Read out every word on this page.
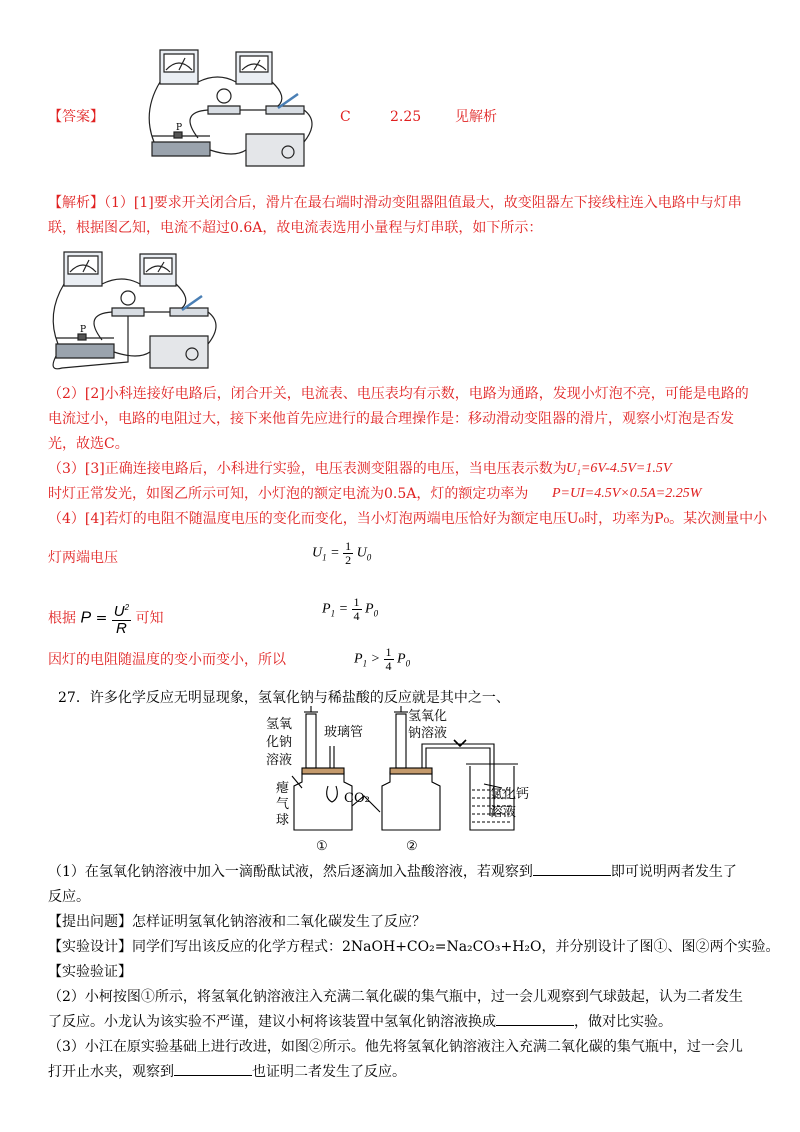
【答案】
P
C	2.25 见解析
【解析】（1）[1]要求开关闭合后，滑片在最右端时滑动变阻器阻值最大，故变阻器左下接线柱连入电路中与灯串
联，根据图乙知，电流不超过0.6A，故电流表选用小量程与灯串联，如下所示：
P
（2）[2]小科连接好电路后，闭合开关，电流表、电压表均有示数，电路为通路，发现小灯泡不亮，可能是电路的
电流过小，电路的电阻过大，接下来他首先应进行的最合理操作是：移动滑动变阻器的滑片，观察小灯泡是否发
光，故选C。
（3）[3]正确连接电路后，小科进行实验，电压表测变阻器的电压，当电压表示数为 U₁=6V-4.5V=1.5V
时灯正常发光，如图乙所示可知，小灯泡的额定电流为0.5A，灯的额定功率为 P=UI=4.5V×0.5A=2.25W
（4）[4]若灯的电阻不随温度电压的变化而变化，当小灯泡两端电压恰好为额定电压U₀时，功率为P₀。某次测量中小
灯两端电压	$U_1 = \frac{1}{2} U_0$
根据 $P = \frac{U^2}{R}$ 可知
$P_1 = \frac{1}{4} P_0$
因灯的电阻随温度的变小而变小，所以	$P_1 > \frac{1}{4} P_0$
27．许多化学反应无明显现象，氢氧化钠与稀盐酸的反应就是其中之一、
氢氧
化钠
溶液
玻璃管
瘪
气
球
CO₂
氢氧化
钠溶液
氯化钙
溶液
①	②
（1）在氢氧化钠溶液中加入一滴酚酞试液，然后逐滴加入盐酸溶液，若观察到	即可说明两者发生了
反应。
【提出问题】怎样证明氢氧化钠溶液和二氧化碳发生了反应？
【实验设计】同学们写出该反应的化学方程式：2NaOH+CO₂=Na₂CO₃+H₂O，并分别设计了图①、图②两个实验。
【实验验证】
（2）小柯按图①所示，将氢氧化钠溶液注入充满二氧化碳的集气瓶中，过一会儿观察到气球鼓起，认为二者发生
了反应。小龙认为该实验不严谨，建议小柯将该装置中氢氧化钠溶液换成	，做对比实验。
（3）小江在原实验基础上进行改进，如图②所示。他先将氢氧化钠溶液注入充满二氧化碳的集气瓶中，过一会儿
打开止水夹，观察到	也证明二者发生了反应。
